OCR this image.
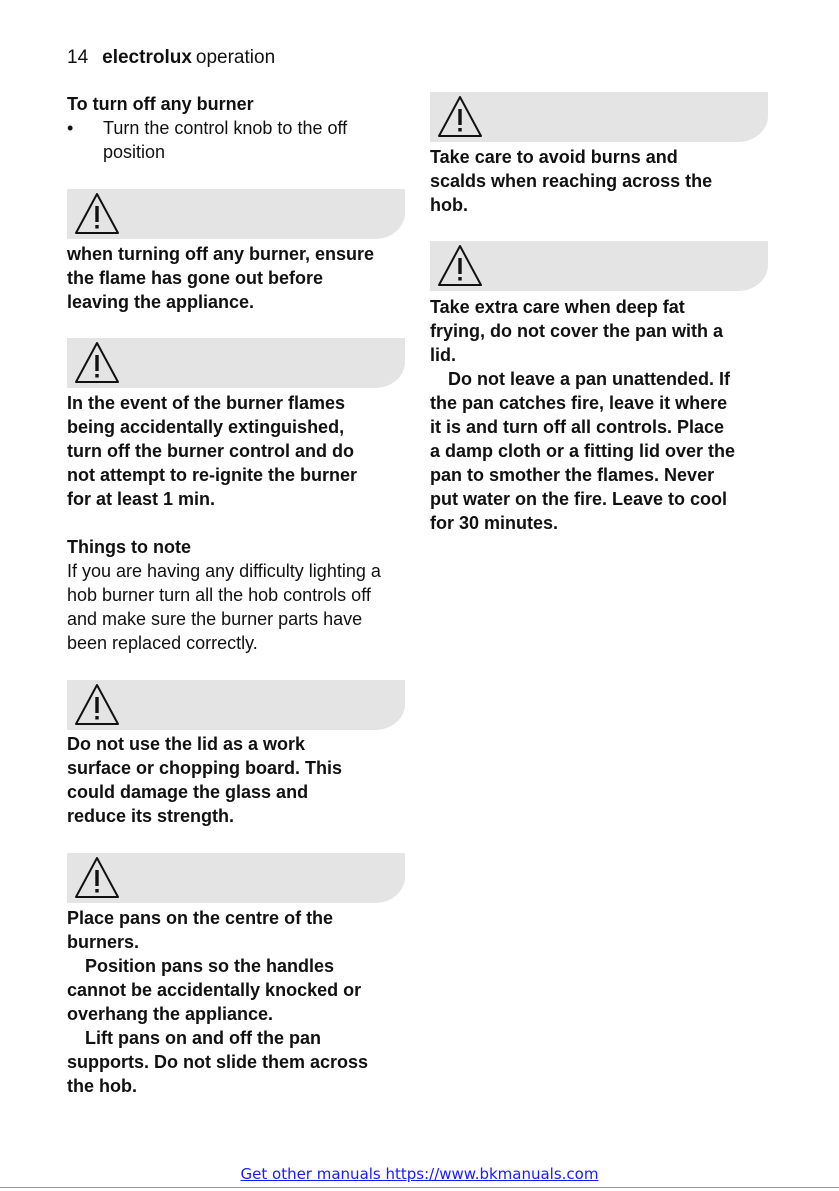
14 electrolux operation
To turn off any burner
•	Turn the control knob to the off position
when turning off any burner, ensure
the flame has gone out before
leaving the appliance.
In the event of the burner flames
being accidentally extinguished,
turn off the burner control and do
not attempt to re-ignite the burner
for at least 1 min.
Things to note
If you are having any difficulty lighting a
hob burner turn all the hob controls off
and make sure the burner parts have
been replaced correctly.
Do not use the lid as a work
surface or chopping board. This
could damage the glass and
reduce its strength.
Place pans on the centre of the
burners.
Position pans so the handles
cannot be accidentally knocked or
overhang the appliance.
Lift pans on and off the pan
supports. Do not slide them across
the hob.
Take care to avoid burns and
scalds when reaching across the
hob.
Take extra care when deep fat
frying, do not cover the pan with a
lid.
Do not leave a pan unattended. If
the pan catches fire, leave it where
it is and turn off all controls. Place
a damp cloth or a fitting lid over the
pan to smother the flames. Never
put water on the fire. Leave to cool
for 30 minutes.
Get other manuals https://www.bkmanuals.com
